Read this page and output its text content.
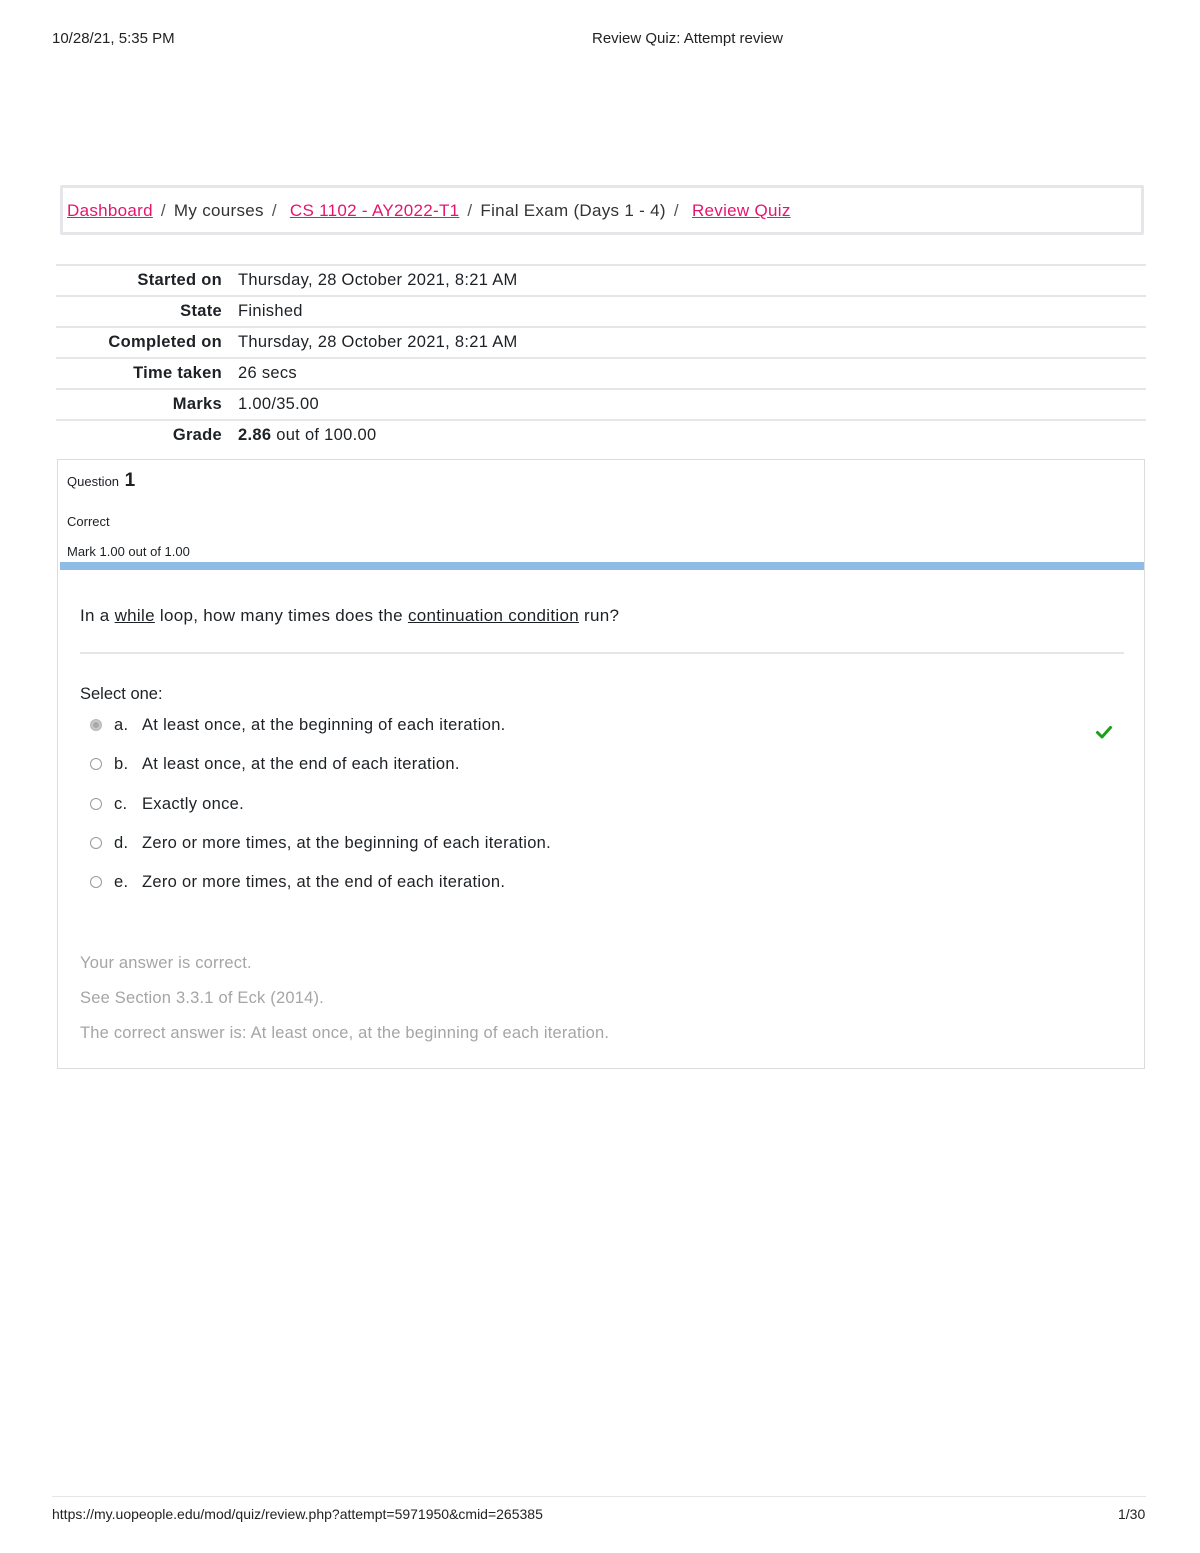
10/28/21, 5:35 PM	Review Quiz: Attempt review
Dashboard / My courses / CS 1102 - AY2022-T1 / Final Exam (Days 1 - 4) / Review Quiz
Started on	Thursday, 28 October 2021, 8:21 AM
State	Finished
Completed on	Thursday, 28 October 2021, 8:21 AM
Time taken	26 secs
Marks	1.00/35.00
Grade	2.86 out of 100.00
Question 1
Correct
Mark 1.00 out of 1.00
In a while loop, how many times does the continuation condition run?
Select one:
a. At least once, at the beginning of each iteration.
b. At least once, at the end of each iteration.
c. Exactly once.
d. Zero or more times, at the beginning of each iteration.
e. Zero or more times, at the end of each iteration.
Your answer is correct.
See Section 3.3.1 of Eck (2014).
The correct answer is: At least once, at the beginning of each iteration.
https://my.uopeople.edu/mod/quiz/review.php?attempt=5971950&cmid=265385	1/30
